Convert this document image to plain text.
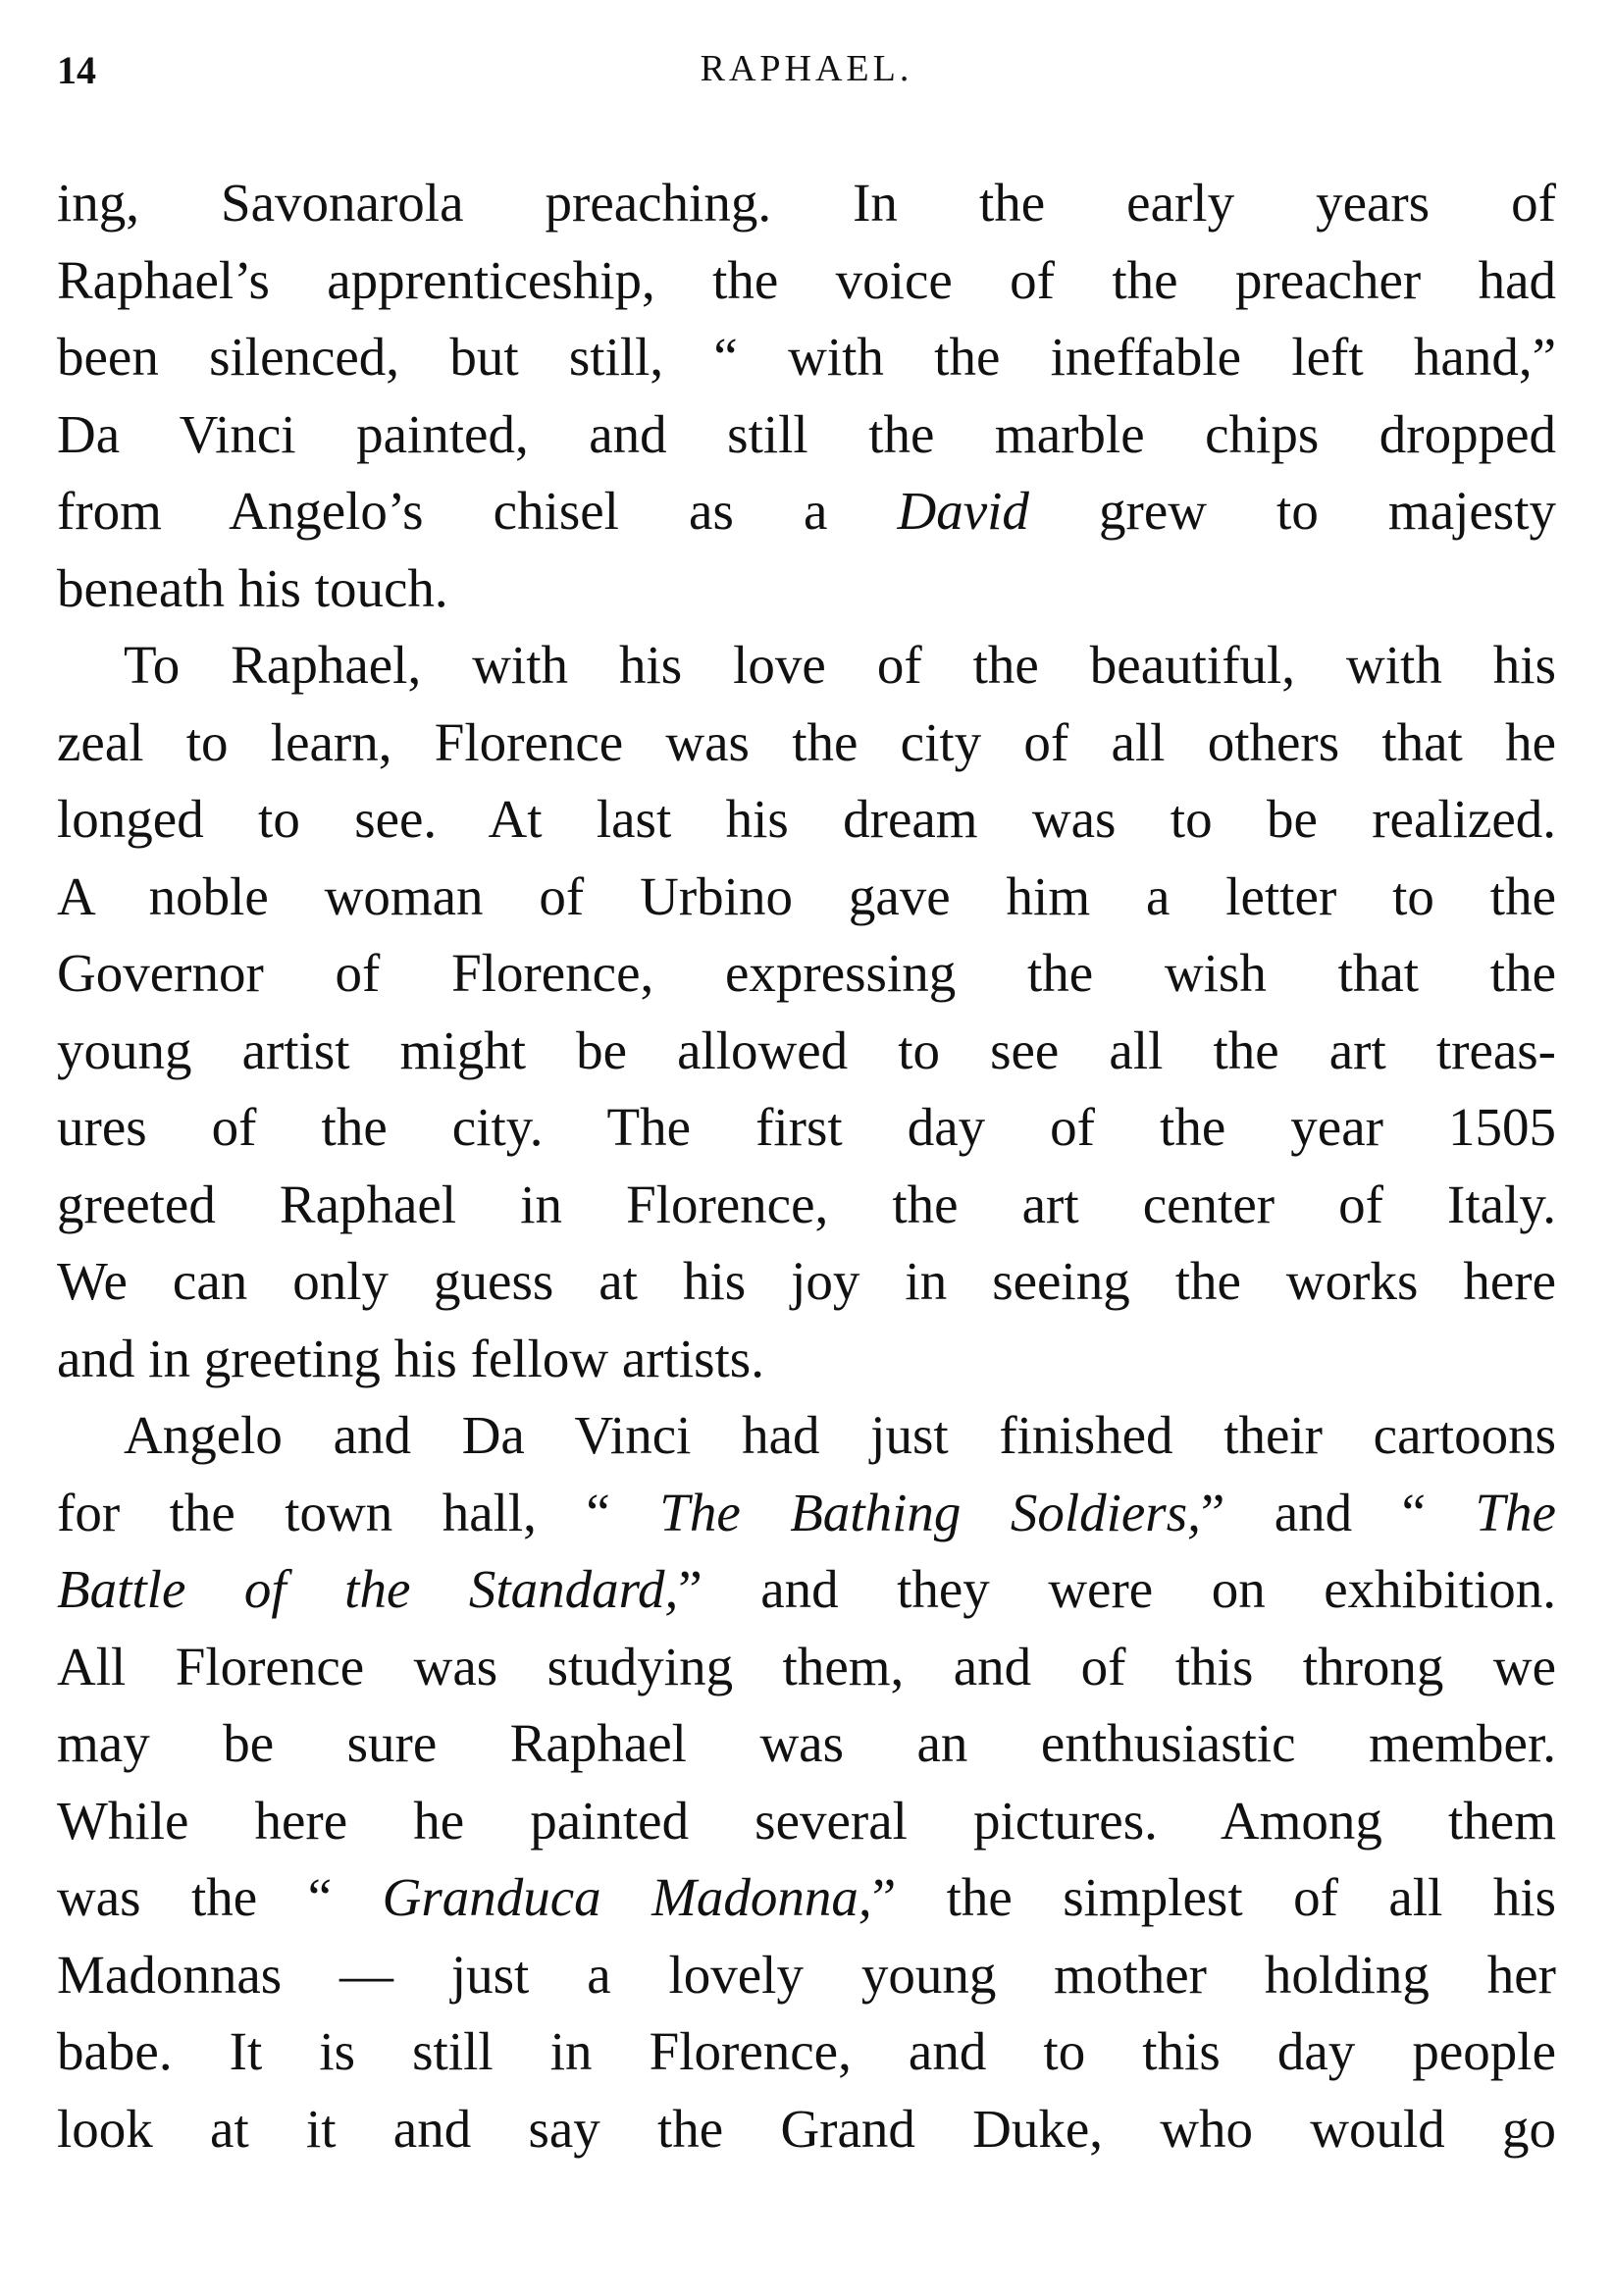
14	RAPHAEL.
ing, Savonarola preaching. In the early years of
Raphael’s apprenticeship, the voice of the preacher had
been silenced, but still, “ with the ineffable left hand,”
Da Vinci painted, and still the marble chips dropped
from Angelo’s chisel as a David grew to majesty
beneath his touch.
To Raphael, with his love of the beautiful, with his
zeal to learn, Florence was the city of all others that he
longed to see. At last his dream was to be realized.
A noble woman of Urbino gave him a letter to the
Governor of Florence, expressing the wish that the
young artist might be allowed to see all the art treas-
ures of the city. The first day of the year 1505
greeted Raphael in Florence, the art center of Italy.
We can only guess at his joy in seeing the works here
and in greeting his fellow artists.
Angelo and Da Vinci had just finished their cartoons
for the town hall, “ The Bathing Soldiers,” and “ The
Battle of the Standard,” and they were on exhibition.
All Florence was studying them, and of this throng we
may be sure Raphael was an enthusiastic member.
While here he painted several pictures. Among them
was the “ Granduca Madonna,” the simplest of all his
Madonnas — just a lovely young mother holding her
babe. It is still in Florence, and to this day people
look at it and say the Grand Duke, who would go
